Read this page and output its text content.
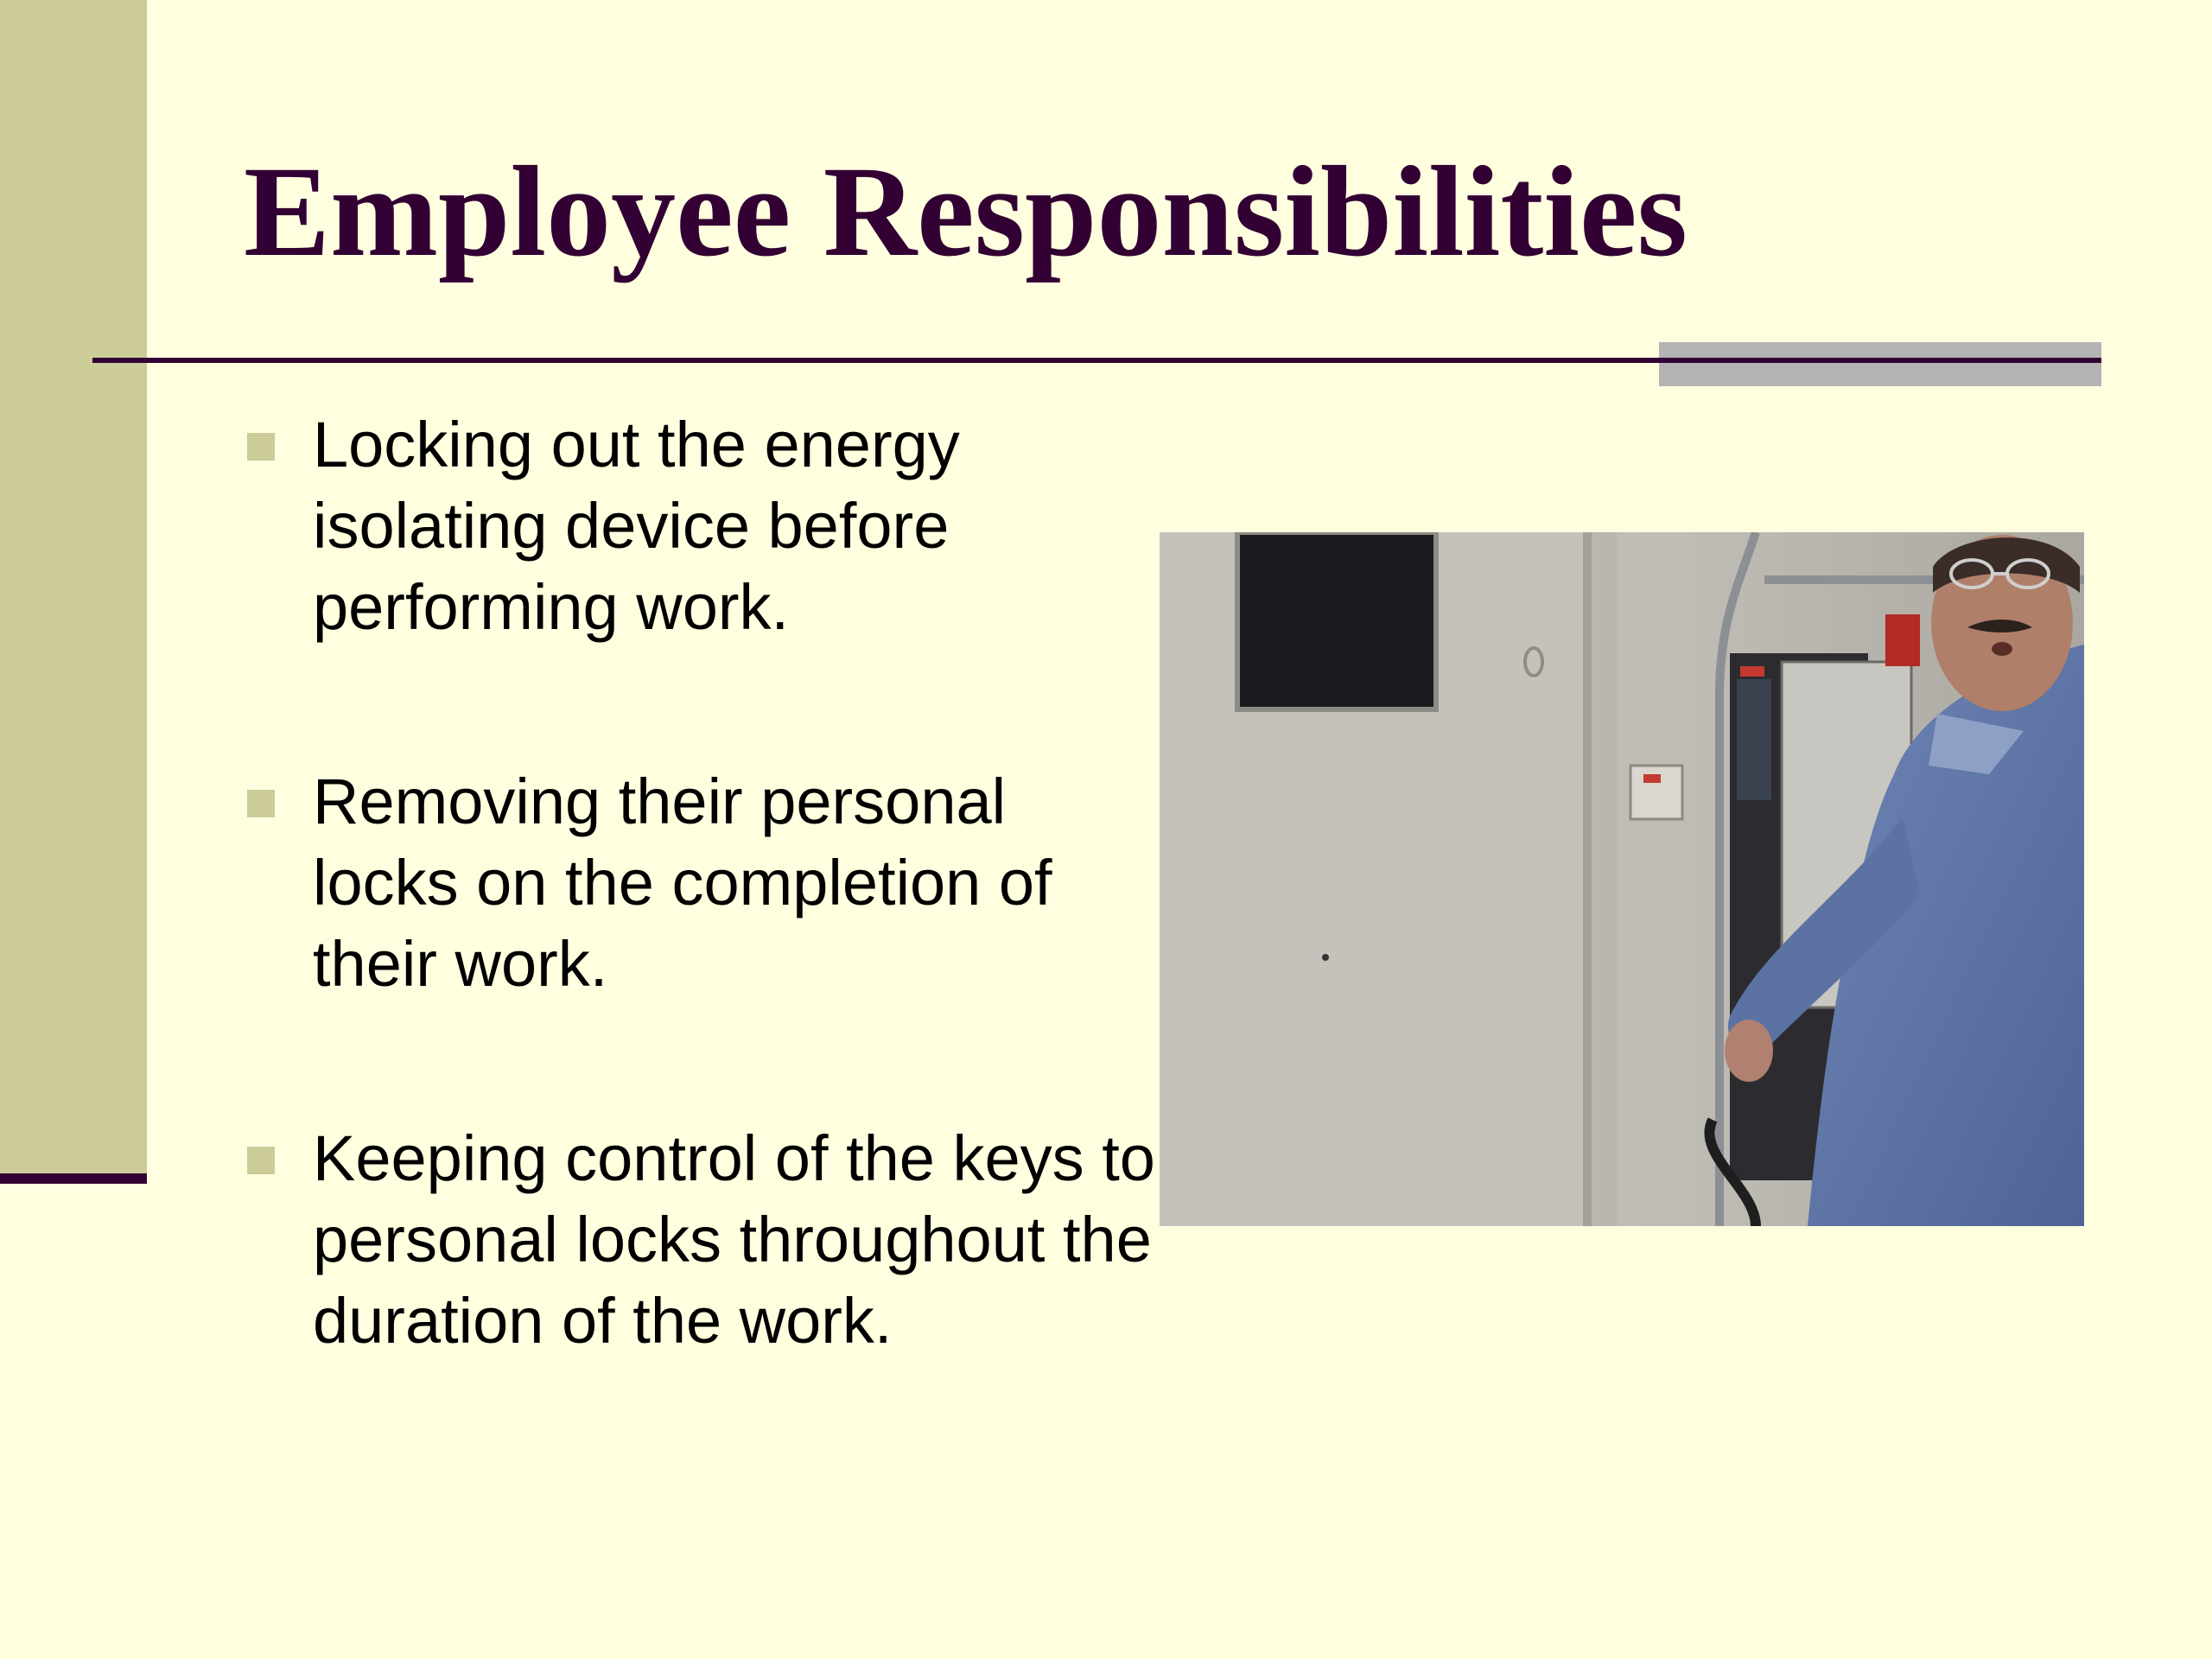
Employee Responsibilities
Locking out the energy isolating device before performing work.
Removing their personal locks on the completion of their work.
Keeping control of the keys to personal locks throughout the duration of the work.
